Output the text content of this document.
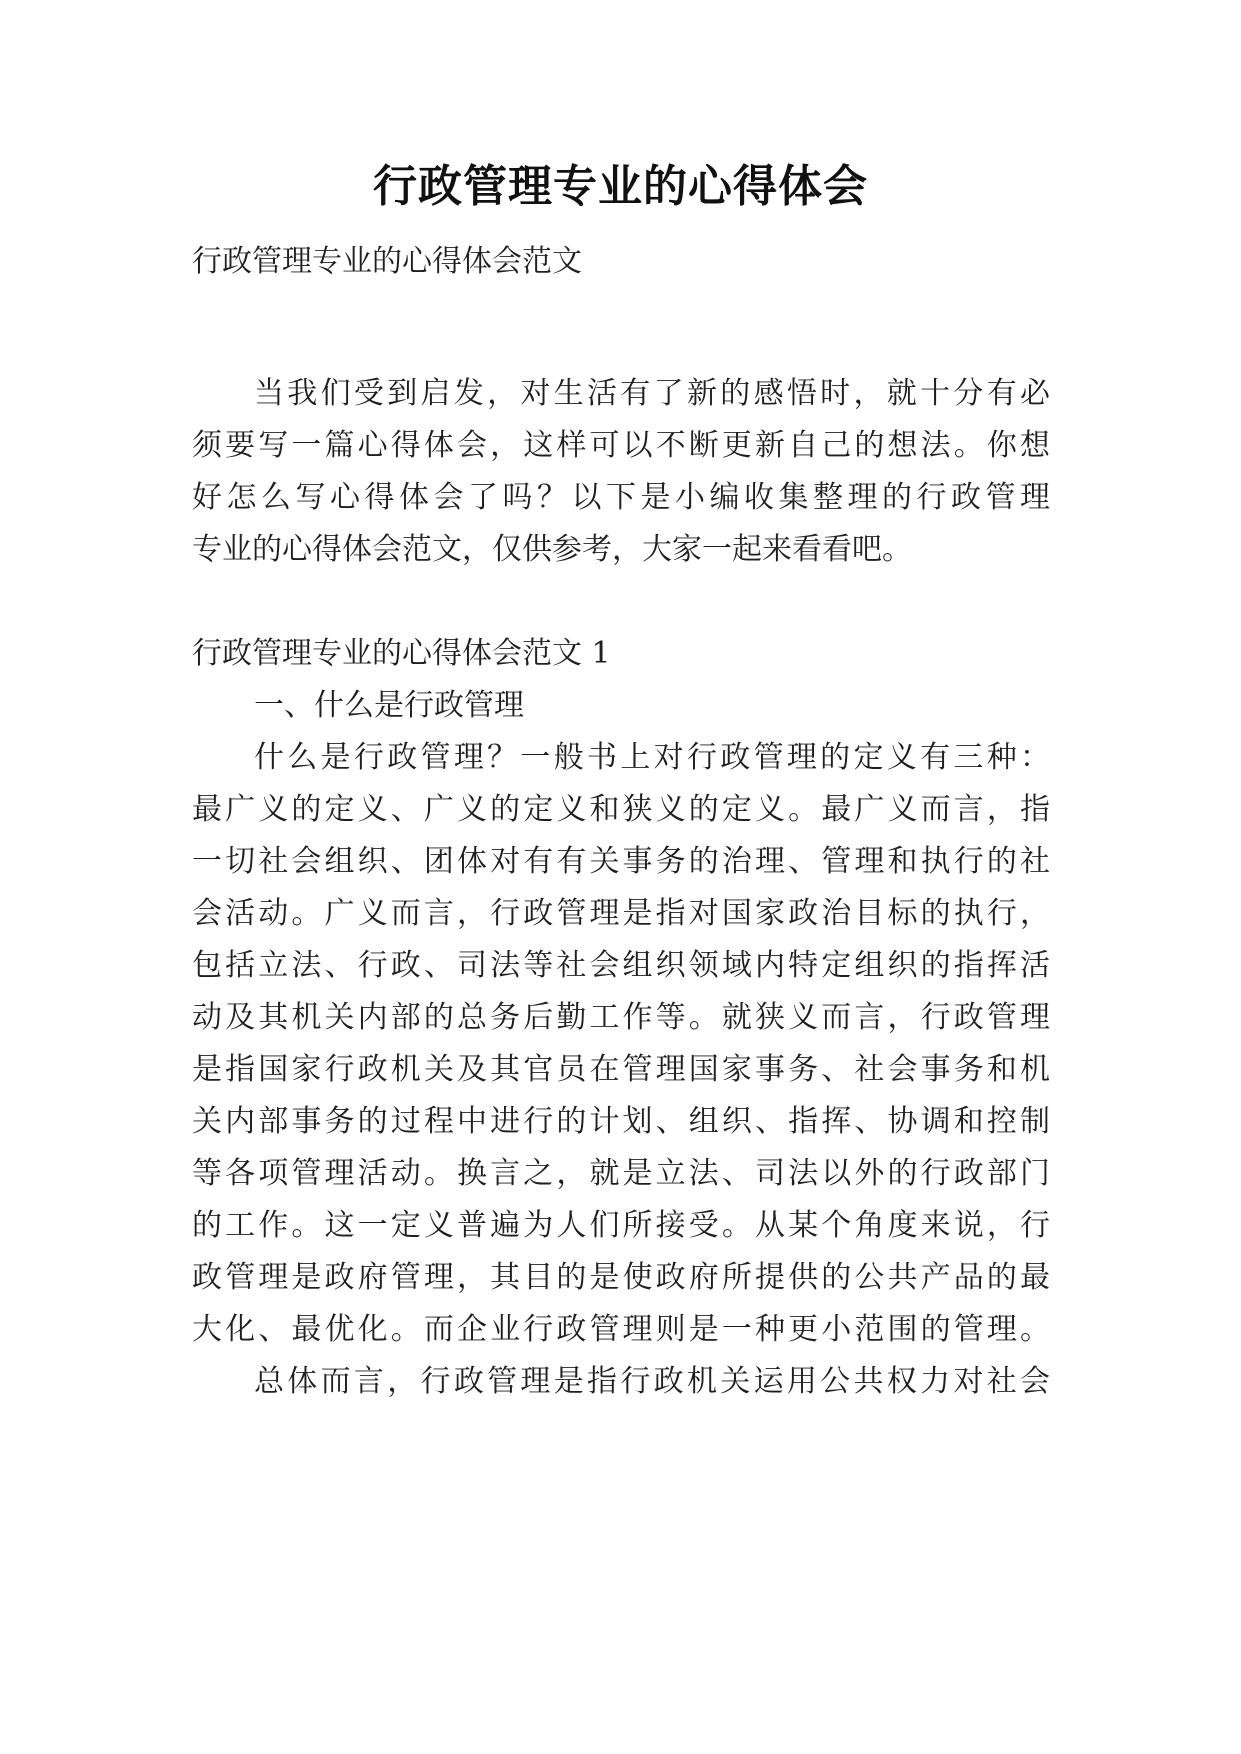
行政管理专业的心得体会
行政管理专业的心得体会范文
当我们受到启发，对生活有了新的感悟时，就十分有必
须要写一篇心得体会，这样可以不断更新自己的想法。你想
好怎么写心得体会了吗？以下是小编收集整理的行政管理
专业的心得体会范文，仅供参考，大家一起来看看吧。
行政管理专业的心得体会范文 1
一、什么是行政管理
什么是行政管理？一般书上对行政管理的定义有三种：
最广义的定义、广义的定义和狭义的定义。最广义而言，指
一切社会组织、团体对有有关事务的治理、管理和执行的社
会活动。广义而言，行政管理是指对国家政治目标的执行，
包括立法、行政、司法等社会组织领域内特定组织的指挥活
动及其机关内部的总务后勤工作等。就狭义而言，行政管理
是指国家行政机关及其官员在管理国家事务、社会事务和机
关内部事务的过程中进行的计划、组织、指挥、协调和控制
等各项管理活动。换言之，就是立法、司法以外的行政部门
的工作。这一定义普遍为人们所接受。从某个角度来说，行
政管理是政府管理，其目的是使政府所提供的公共产品的最
大化、最优化。而企业行政管理则是一种更小范围的管理。
总体而言，行政管理是指行政机关运用公共权力对社会
